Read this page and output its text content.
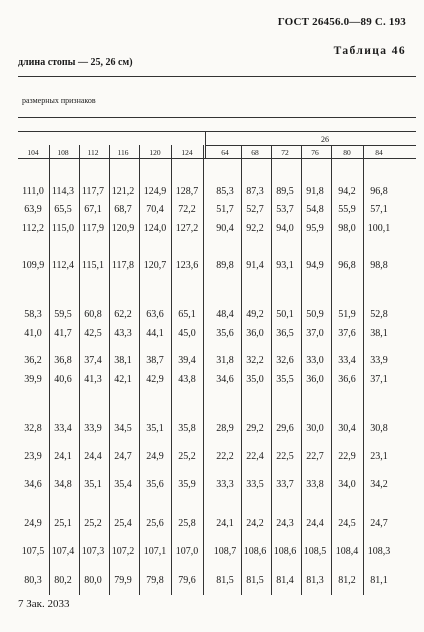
ГОСТ 26456.0—89 С. 193
Таблица 46
длина стопы — 25, 26 см)
размерных признаков
26
104	108	112	116	120	124	64	68	72	76	80	84
111,0 114,3 117,7 121,2 124,9 128,7	85,3	87,3	89,5	91,8	94,2	96,8
63,9	65,5	67,1	68,7	70,4	72,2	51,7	52,7	53,7	54,8	55,9	57,1
112,2 115,0 117,9 120,9 124,0 127,2	90,4	92,2	94,0	95,9	98,0	100,1
109,9 112,4 115,1 117,8 120,7 123,6	89,8	91,4	93,1	94,9	96,8	98,8
58,3	59,5	60,8	62,2	63,6	65,1	48,4	49,2	50,1	50,9	51,9	52,8
41,0	41,7	42,5	43,3	44,1	45,0	35,6	36,0	36,5	37,0	37,6	38,1
36,2	36,8	37,4	38,1	38,7	39,4	31,8	32,2	32,6	33,0	33,4	33,9
39,9	40,6	41,3	42,1	42,9	43,8	34,6	35,0	35,5	36,0	36,6	37,1
32,8	33,4	33,9	34,5	35,1	35,8	28,9	29,2	29,6	30,0	30,4	30,8
23,9	24,1	24,4	24,7	24,9	25,2	22,2	22,4	22,5	22,7	22,9	23,1
34,6	34,8	35,1	35,4	35,6	35,9	33,3	33,5	33,7	33,8	34,0	34,2
24,9	25,1	25,2	25,4	25,6	25,8	24,1	24,2	24,3	24,4	24,5	24,7
107,5 107,4 107,3 107,2 107,1 107,0	108,7 108,6 108,6 108,5 108,4 108,3
80,3	80,2	80,0	79,9	79,8	79,6	81,5	81,5	81,4	81,3	81,2	81,1
7 Зак. 2033
